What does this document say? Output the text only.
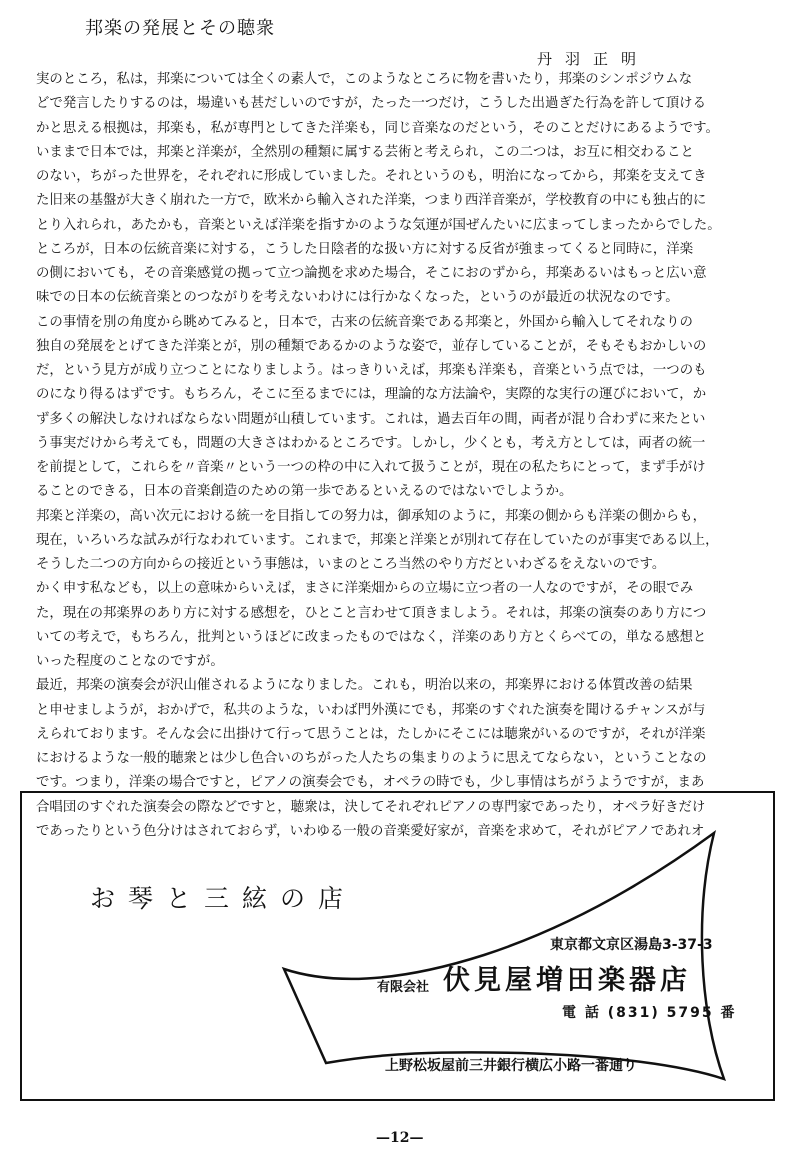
邦楽の発展とその聴衆
丹羽正明
実のところ，私は，邦楽については全くの素人で，このようなところに物を書いたり，邦楽のシンポジウムな
どで発言したりするのは，場違いも甚だしいのですが，たった一つだけ，こうした出過ぎた行為を許して頂ける
かと思える根拠は，邦楽も，私が専門としてきた洋楽も，同じ音楽なのだという，そのことだけにあるようです。
いままで日本では，邦楽と洋楽が，全然別の種類に属する芸術と考えられ，この二つは，お互に相交わること
のない，ちがった世界を，それぞれに形成していました。それというのも，明治になってから，邦楽を支えてき
た旧来の基盤が大きく崩れた一方で，欧米から輸入された洋楽，つまり西洋音楽が，学校教育の中にも独占的に
とり入れられ，あたかも，音楽といえば洋楽を指すかのような気運が国ぜんたいに広まってしまったからでした。
ところが，日本の伝統音楽に対する，こうした日陰者的な扱い方に対する反省が強まってくると同時に，洋楽
の側においても，その音楽感覚の拠って立つ論拠を求めた場合，そこにおのずから，邦楽あるいはもっと広い意
味での日本の伝統音楽とのつながりを考えないわけには行かなくなった，というのが最近の状況なのです。
この事情を別の角度から眺めてみると，日本で，古来の伝統音楽である邦楽と，外国から輸入してそれなりの
独自の発展をとげてきた洋楽とが，別の種類であるかのような姿で，並存していることが，そもそもおかしいの
だ，という見方が成り立つことになりましよう。はっきりいえば，邦楽も洋楽も，音楽という点では，一つのも
のになり得るはずです。もちろん，そこに至るまでには，理論的な方法論や，実際的な実行の運びにおいて，か
ず多くの解決しなければならない問題が山積しています。これは，過去百年の間，両者が混り合わずに来たとい
う事実だけから考えても，問題の大きさはわかるところです。しかし，少くとも，考え方としては，両者の統一
を前提として，これらを〃音楽〃という一つの枠の中に入れて扱うことが，現在の私たちにとって，まず手がけ
ることのできる，日本の音楽創造のための第一歩であるといえるのではないでしようか。
邦楽と洋楽の，高い次元における統一を目指しての努力は，御承知のように，邦楽の側からも洋楽の側からも，
現在，いろいろな試みが行なわれています。これまで，邦楽と洋楽とが別れて存在していたのが事実である以上，
そうした二つの方向からの接近という事態は，いまのところ当然のやり方だといわざるをえないのです。
かく申す私なども，以上の意味からいえば，まさに洋楽畑からの立場に立つ者の一人なのですが，その眼でみ
た，現在の邦楽界のあり方に対する感想を，ひとこと言わせて頂きましよう。それは，邦楽の演奏のあり方につ
いての考えで，もちろん，批判というほどに改まったものではなく，洋楽のあり方とくらべての，単なる感想と
いった程度のことなのですが。
最近，邦楽の演奏会が沢山催されるようになりました。これも，明治以来の，邦楽界における体質改善の結果
と申せましようが，おかげで，私共のような，いわば門外漢にでも，邦楽のすぐれた演奏を聞けるチャンスが与
えられております。そんな会に出掛けて行って思うことは，たしかにそこには聴衆がいるのですが，それが洋楽
におけるような一般的聴衆とは少し色合いのちがった人たちの集まりのように思えてならない，ということなの
です。つまり，洋楽の場合ですと，ピアノの演奏会でも，オペラの時でも，少し事情はちがうようですが，まあ
合唱団のすぐれた演奏会の際などですと，聴衆は，決してそれぞれピアノの専門家であったり，オペラ好きだけ
であったりという色分けはされておらず，いわゆる一般の音楽愛好家が，音楽を求めて，それがピアノであれオ
お琴と三絃の店
東京都文京区湯島3-37-3
有限会社 伏見屋増田楽器店
電 話 (831) 5795 番
上野松坂屋前三井銀行横広小路一番通り
—12—
